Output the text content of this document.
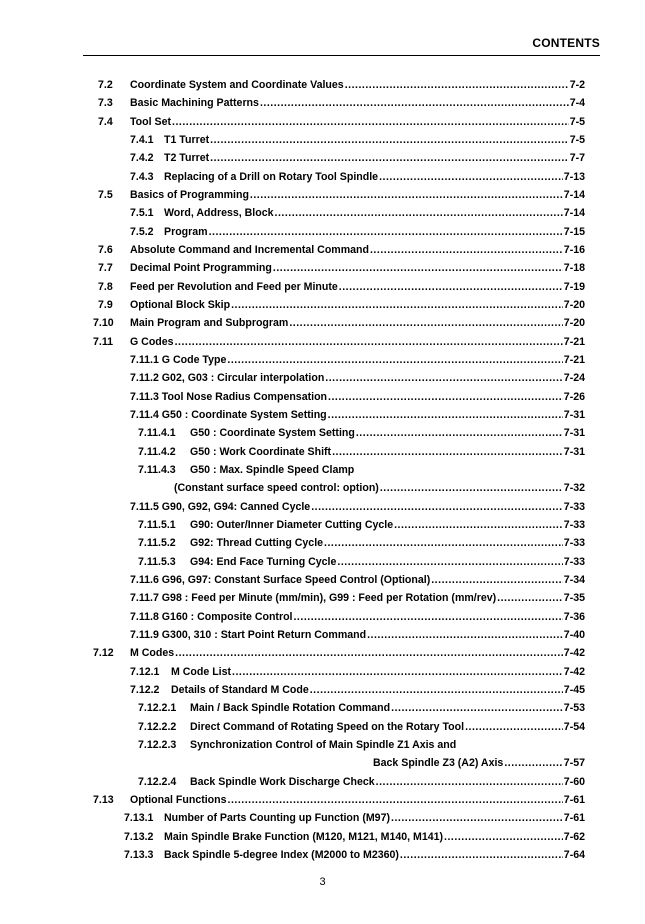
CONTENTS
7.2 Coordinate System and Coordinate Values .....	7-2
7.3 Basic Machining Patterns .....	7-4
7.4 Tool Set .....	7-5
7.4.1 T1 Turret .....	7-5
7.4.2 T2 Turret .....	7-7
7.4.3 Replacing of a Drill on Rotary Tool Spindle .....	7-13
7.5 Basics of Programming .....	7-14
7.5.1 Word, Address, Block .....	7-14
7.5.2 Program .....	7-15
7.6 Absolute Command and Incremental Command .....	7-16
7.7 Decimal Point Programming .....	7-18
7.8 Feed per Revolution and Feed per Minute .....	7-19
7.9 Optional Block Skip .....	7-20
7.10 Main Program and Subprogram .....	7-20
7.11 G Codes .....	7-21
7.11.1 G Code Type .....	7-21
7.11.2 G02, G03 : Circular interpolation .....	7-24
7.11.3 Tool Nose Radius Compensation .....	7-26
7.11.4 G50 : Coordinate System Setting .....	7-31
7.11.4.1 G50 : Coordinate System Setting .....	7-31
7.11.4.2 G50 : Work Coordinate Shift .....	7-31
7.11.4.3 G50 : Max. Spindle Speed Clamp
(Constant surface speed control: option) .....	7-32
7.11.5 G90, G92, G94: Canned Cycle .....	7-33
7.11.5.1 G90: Outer/Inner Diameter Cutting Cycle .....	7-33
7.11.5.2 G92: Thread Cutting Cycle .....	7-33
7.11.5.3 G94: End Face Turning Cycle .....	7-33
7.11.6 G96, G97: Constant Surface Speed Control (Optional) .....	7-34
7.11.7 G98 : Feed per Minute (mm/min), G99 : Feed per Rotation (mm/rev) .....	7-35
7.11.8 G160 : Composite Control .....	7-36
7.11.9 G300, 310 : Start Point Return Command .....	7-40
7.12 M Codes .....	7-42
7.12.1 M Code List .....	7-42
7.12.2 Details of Standard M Code .....	7-45
7.12.2.1 Main / Back Spindle Rotation Command .....	7-53
7.12.2.2 Direct Command of Rotating Speed on the Rotary Tool .....	7-54
7.12.2.3 Synchronization Control of Main Spindle Z1 Axis and
Back Spindle Z3 (A2) Axis .....	7-57
7.12.2.4 Back Spindle Work Discharge Check .....	7-60
7.13 Optional Functions .....	7-61
7.13.1 Number of Parts Counting up Function (M97) .....	7-61
7.13.2 Main Spindle Brake Function (M120, M121, M140, M141) .....	7-62
7.13.3 Back Spindle 5-degree Index (M2000 to M2360) .....	7-64
3
